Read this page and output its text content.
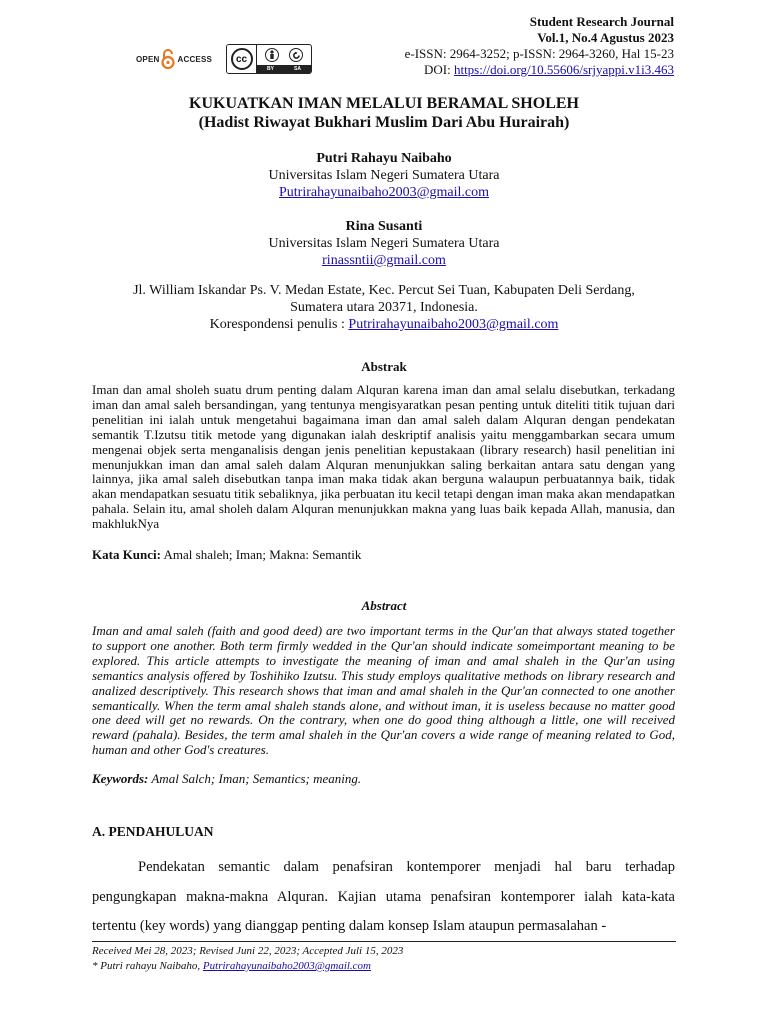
OPEN ACCESS	cc
BY	SA
Student Research Journal
Vol.1, No.4 Agustus 2023
e-ISSN: 2964-3252; p-ISSN: 2964-3260, Hal 15-23
DOI: https://doi.org/10.55606/srjyappi.v1i3.463
KUKUATKAN IMAN MELALUI BERAMAL SHOLEH
(Hadist Riwayat Bukhari Muslim Dari Abu Hurairah)
Putri Rahayu Naibaho
Universitas Islam Negeri Sumatera Utara
Putrirahayunaibaho2003@gmail.com
Rina Susanti
Universitas Islam Negeri Sumatera Utara
rinassntii@gmail.com
Jl. William Iskandar Ps. V. Medan Estate, Kec. Percut Sei Tuan, Kabupaten Deli Serdang,
Sumatera utara 20371, Indonesia.
Korespondensi penulis : Putrirahayunaibaho2003@gmail.com
Abstrak
Iman dan amal sholeh suatu drum penting dalam Alquran karena iman dan amal selalu disebutkan, terkadang iman dan amal saleh bersandingan, yang tentunya mengisyaratkan pesan penting untuk diteliti titik tujuan dari penelitian ini ialah untuk mengetahui bagaimana iman dan amal saleh dalam Alquran dengan pendekatan semantik T.Izutsu titik metode yang digunakan ialah deskriptif analisis yaitu menggambarkan secara umum mengenai objek serta menganalisis dengan jenis penelitian kepustakaan (library research) hasil penelitian ini menunjukkan iman dan amal saleh dalam Alquran menunjukkan saling berkaitan antara satu dengan yang lainnya, jika amal saleh disebutkan tanpa iman maka tidak akan berguna walaupun perbuatannya baik, tidak akan mendapatkan sesuatu titik sebaliknya, jika perbuatan itu kecil tetapi dengan iman maka akan mendapatkan pahala. Selain itu, amal sholeh dalam Alquran menunjukkan makna yang luas baik kepada Allah, manusia, dan makhlukNya
Kata Kunci: Amal shaleh; Iman; Makna: Semantik
Abstract
Iman and amal saleh (faith and good deed) are two important terms in the Qur'an that always stated together to support one another. Both term firmly wedded in the Qur'an should indicate someimportant meaning to be explored. This article attempts to investigate the meaning of iman and amal shaleh in the Qur'an using semantics analysis offered by Toshihiko Izutsu. This study employs qualitative methods on library research and analized descriptively. This research shows that iman and amal shaleh in the Qur'an connected to one another semantically. When the term amal shaleh stands alone, and without iman, it is useless because no matter good one deed will get no rewards. On the contrary, when one do good thing although a little, one will received reward (pahala). Besides, the term amal shaleh in the Qur'an covers a wide range of meaning related to God, human and other God's creatures.
Keywords: Amal Salch; Iman; Semantics; meaning.
A. PENDAHULUAN
Pendekatan semantic dalam penafsiran kontemporer menjadi hal baru terhadap pengungkapan makna-makna Alquran. Kajian utama penafsiran kontemporer ialah kata-kata tertentu (key words) yang dianggap penting dalam konsep Islam ataupun permasalahan -
Received Mei 28, 2023; Revised Juni 22, 2023; Accepted Juli 15, 2023
* Putri rahayu Naibaho, Putrirahayunaibaho2003@gmail.com
